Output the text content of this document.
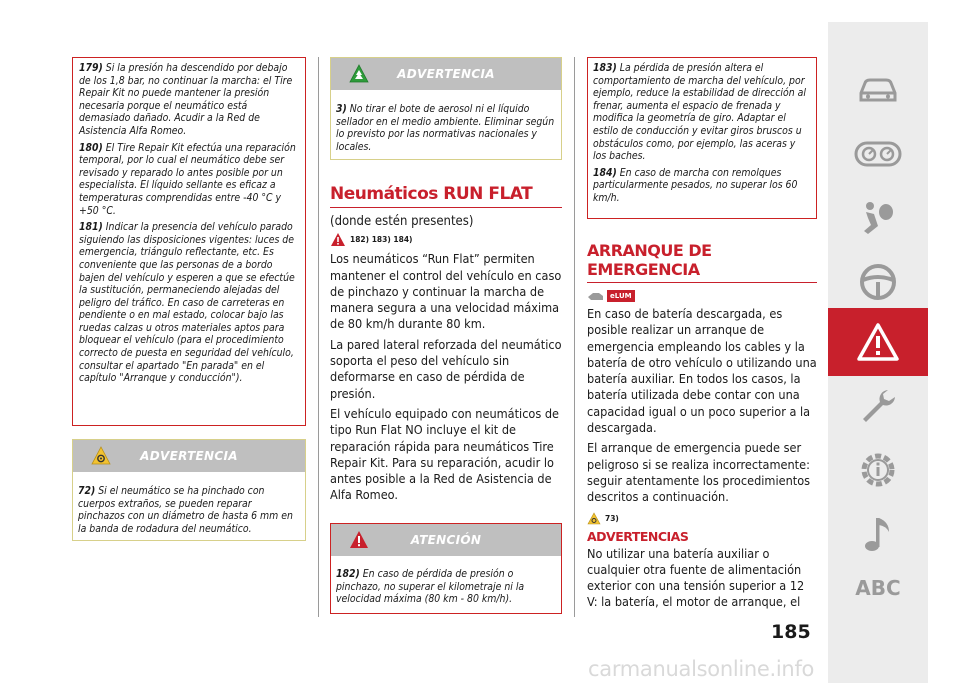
179) Si la presión ha descendido por debajo de los 1,8 bar, no continuar la marcha: el Tire Repair Kit no puede mantener la presión necesaria porque el neumático está demasiado dañado. Acudir a la Red de Asistencia Alfa Romeo.

180) El Tire Repair Kit efectúa una reparación temporal, por lo cual el neumático debe ser revisado y reparado lo antes posible por un especialista. El líquido sellante es eficaz a temperaturas comprendidas entre -40 °C y +50 °C.

181) Indicar la presencia del vehículo parado siguiendo las disposiciones vigentes: luces de emergencia, triángulo reflectante, etc. Es conveniente que las personas de a bordo bajen del vehículo y esperen a que se efectúe la sustitución, permaneciendo alejadas del peligro del tráfico. En caso de carreteras en pendiente o en mal estado, colocar bajo las ruedas calzas u otros materiales aptos para bloquear el vehículo (para el procedimiento correcto de puesta en seguridad del vehículo, consultar el apartado "En parada" en el capítulo "Arranque y conducción").

ADVERTENCIA

72) Si el neumático se ha pinchado con cuerpos extraños, se pueden reparar pinchazos con un diámetro de hasta 6 mm en la banda de rodadura del neumático.

ADVERTENCIA

3) No tirar el bote de aerosol ni el líquido sellador en el medio ambiente. Eliminar según lo previsto por las normativas nacionales y locales.

Neumáticos RUN FLAT

(donde estén presentes)

182) 183) 184)

Los neumáticos “Run Flat” permiten mantener el control del vehículo en caso de pinchazo y continuar la marcha de manera segura a una velocidad máxima de 80 km/h durante 80 km.

La pared lateral reforzada del neumático soporta el peso del vehículo sin deformarse en caso de pérdida de presión.

El vehículo equipado con neumáticos de tipo Run Flat NO incluye el kit de reparación rápida para neumáticos Tire Repair Kit. Para su reparación, acudir lo antes posible a la Red de Asistencia de Alfa Romeo.

ATENCIÓN

182) En caso de pérdida de presión o pinchazo, no superar el kilometraje ni la velocidad máxima (80 km - 80 km/h).

183) La pérdida de presión altera el comportamiento de marcha del vehículo, por ejemplo, reduce la estabilidad de dirección al frenar, aumenta el espacio de frenada y modifica la geometría de giro. Adaptar el estilo de conducción y evitar giros bruscos u obstáculos como, por ejemplo, las aceras y los baches.

184) En caso de marcha con remolques particularmente pesados, no superar los 60 km/h.

ARRANQUE DE EMERGENCIA
eLUM

En caso de batería descargada, es posible realizar un arranque de emergencia empleando los cables y la batería de otro vehículo o utilizando una batería auxiliar. En todos los casos, la batería utilizada debe contar con una capacidad igual o un poco superior a la descargada.

El arranque de emergencia puede ser peligroso si se realiza incorrectamente: seguir atentamente los procedimientos descritos a continuación.

73)
ADVERTENCIAS

No utilizar una batería auxiliar o cualquier otra fuente de alimentación exterior con una tensión superior a 12 V: la batería, el motor de arranque, el

185
ABC
carmanualsonline.info
